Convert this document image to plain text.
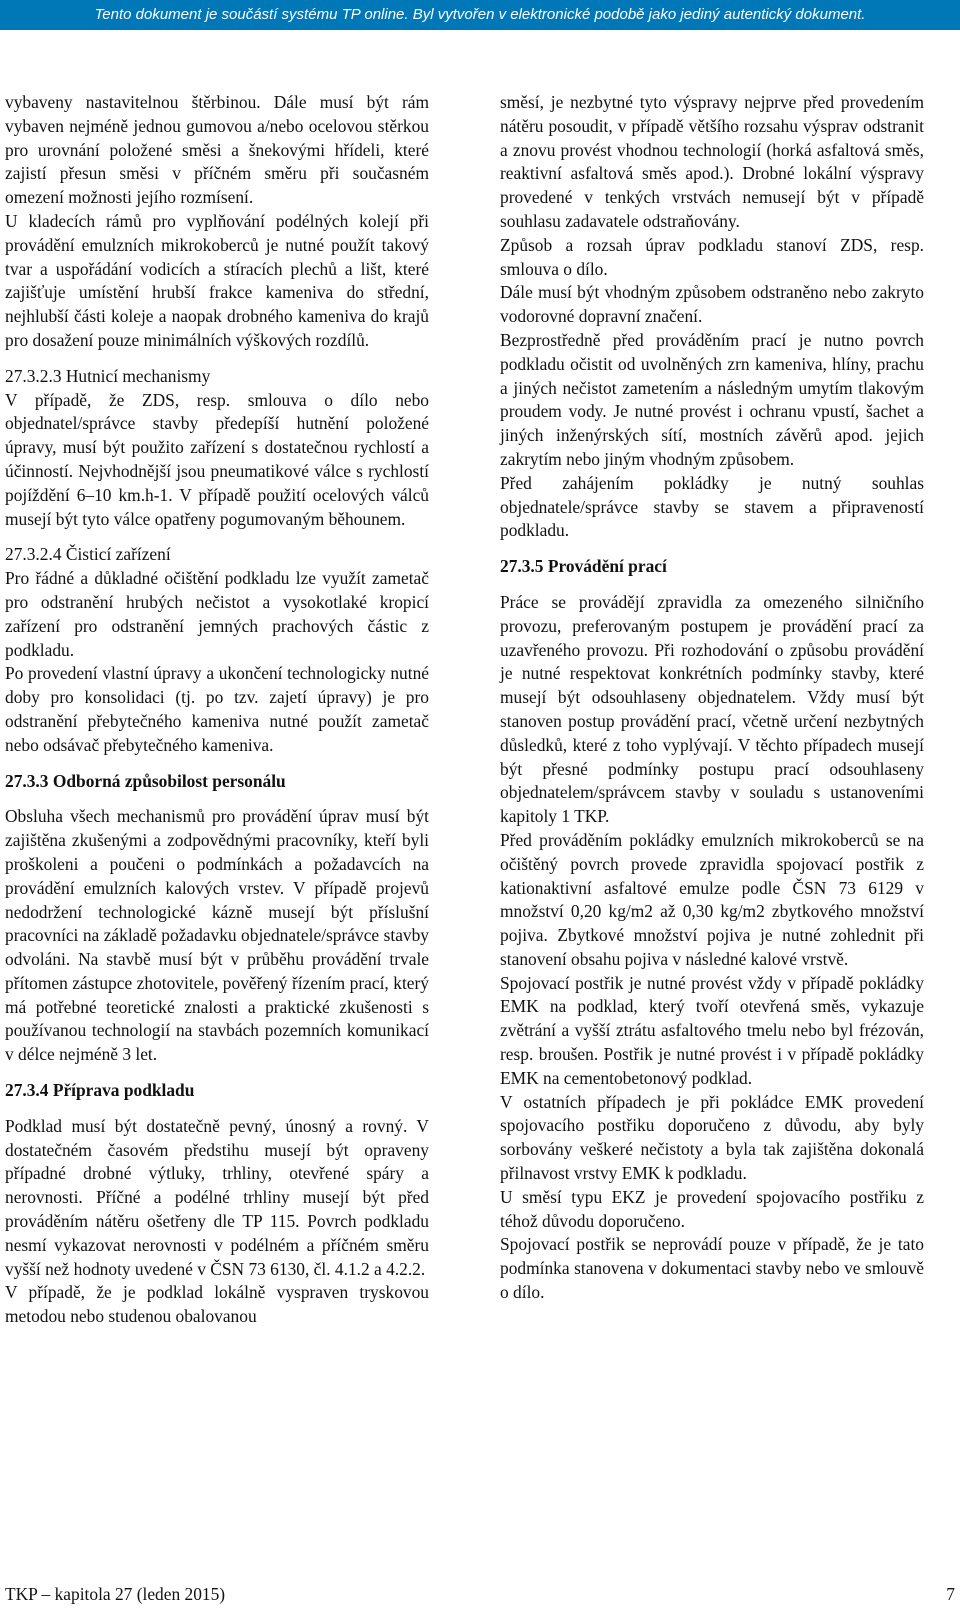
Tento dokument je součástí systému TP online. Byl vytvořen v elektronické podobě jako jediný autentický dokument.

vybaveny nastavitelnou štěrbinou. Dále musí být rám vybaven nejméně jednou gumovou a/nebo ocelovou stěrkou pro urovnání položené směsi a šnekovými hřídeli, které zajistí přesun směsi v příčném směru při současném omezení možnosti jejího rozmísení.

U kladecích rámů pro vyplňování podélných kolejí při provádění emulzních mikrokoberců je nutné použít takový tvar a uspořádání vodicích a stíracích plechů a lišt, které zajišťuje umístění hrubší frakce kameniva do střední, nejhlubší části koleje a naopak drobného kameniva do krajů pro dosažení pouze minimálních výškových rozdílů.

27.3.2.3 Hutnicí mechanismy

V případě, že ZDS, resp. smlouva o dílo nebo objednatel/správce stavby předepíší hutnění položené úpravy, musí být použito zařízení s dostatečnou rychlostí a účinností. Nejvhodnější jsou pneumatikové válce s rychlostí pojíždění 6–10 km.h-1. V případě použití ocelových válců musejí být tyto válce opatřeny pogumovaným běhounem.

27.3.2.4 Čisticí zařízení

Pro řádné a důkladné očištění podkladu lze využít zametač pro odstranění hrubých nečistot a vysokotlaké kropicí zařízení pro odstranění jemných prachových částic z podkladu.

Po provedení vlastní úpravy a ukončení technologicky nutné doby pro konsolidaci (tj. po tzv. zajetí úpravy) je pro odstranění přebytečného kameniva nutné použít zametač nebo odsávač přebytečného kameniva.

27.3.3 Odborná způsobilost personálu

Obsluha všech mechanismů pro provádění úprav musí být zajištěna zkušenými a zodpovědnými pracovníky, kteří byli proškoleni a poučeni o podmínkách a požadavcích na provádění emulzních kalových vrstev. V případě projevů nedodržení technologické kázně musejí být příslušní pracovníci na základě požadavku objednatele/správce stavby odvoláni. Na stavbě musí být v průběhu provádění trvale přítomen zástupce zhotovitele, pověřený řízením prací, který má potřebné teoretické znalosti a praktické zkušenosti s používanou technologií na stavbách pozemních komunikací v délce nejméně 3 let.

27.3.4 Příprava podkladu

Podklad musí být dostatečně pevný, únosný a rovný. V dostatečném časovém předstihu musejí být opraveny případné drobné výtluky, trhliny, otevřené spáry a nerovnosti. Příčné a podélné trhliny musejí být před prováděním nátěru ošetřeny dle TP 115. Povrch podkladu nesmí vykazovat nerovnosti v podélném a příčném směru vyšší než hodnoty uvedené v ČSN 73 6130, čl. 4.1.2 a 4.2.2.

V případě, že je podklad lokálně vyspraven tryskovou metodou nebo studenou obalovanou

směsí, je nezbytné tyto výspravy nejprve před provedením nátěru posoudit, v případě většího rozsahu výsprav odstranit a znovu provést vhodnou technologií (horká asfaltová směs, reaktivní asfaltová směs apod.). Drobné lokální výspravy provedené v tenkých vrstvách nemusejí být v případě souhlasu zadavatele odstraňovány.

Způsob a rozsah úprav podkladu stanoví ZDS, resp. smlouva o dílo.

Dále musí být vhodným způsobem odstraněno nebo zakryto vodorovné dopravní značení.

Bezprostředně před prováděním prací je nutno povrch podkladu očistit od uvolněných zrn kameniva, hlíny, prachu a jiných nečistot zametením a následným umytím tlakovým proudem vody. Je nutné provést i ochranu vpustí, šachet a jiných inženýrských sítí, mostních závěrů apod. jejich zakrytím nebo jiným vhodným způsobem.

Před zahájením pokládky je nutný souhlas objednatele/správce stavby se stavem a připraveností podkladu.

27.3.5 Provádění prací

Práce se provádějí zpravidla za omezeného silničního provozu, preferovaným postupem je provádění prací za uzavřeného provozu. Při rozhodování o způsobu provádění je nutné respektovat konkrétních podmínky stavby, které musejí být odsouhlaseny objednatelem. Vždy musí být stanoven postup provádění prací, včetně určení nezbytných důsledků, které z toho vyplývají. V těchto případech musejí být přesné podmínky postupu prací odsouhlaseny objednatelem/správcem stavby v souladu s ustanoveními kapitoly 1 TKP.

Před prováděním pokládky emulzních mikrokoberců se na očištěný povrch provede zpravidla spojovací postřik z kationaktivní asfaltové emulze podle ČSN 73 6129 v množství 0,20 kg/m2 až 0,30 kg/m2 zbytkového množství pojiva. Zbytkové množství pojiva je nutné zohlednit při stanovení obsahu pojiva v následné kalové vrstvě.

Spojovací postřik je nutné provést vždy v případě pokládky EMK na podklad, který tvoří otevřená směs, vykazuje zvětrání a vyšší ztrátu asfaltového tmelu nebo byl frézován, resp. broušen. Postřik je nutné provést i v případě pokládky EMK na cementobetonový podklad.

V ostatních případech je při pokládce EMK provedení spojovacího postřiku doporučeno z důvodu, aby byly sorbovány veškeré nečistoty a byla tak zajištěna dokonalá přilnavost vrstvy EMK k podkladu.

U směsí typu EKZ je provedení spojovacího postřiku z téhož důvodu doporučeno.

Spojovací postřik se neprovádí pouze v případě, že je tato podmínka stanovena v dokumentaci stavby nebo ve smlouvě o dílo.

TKP – kapitola 27 (leden 2015)	7
